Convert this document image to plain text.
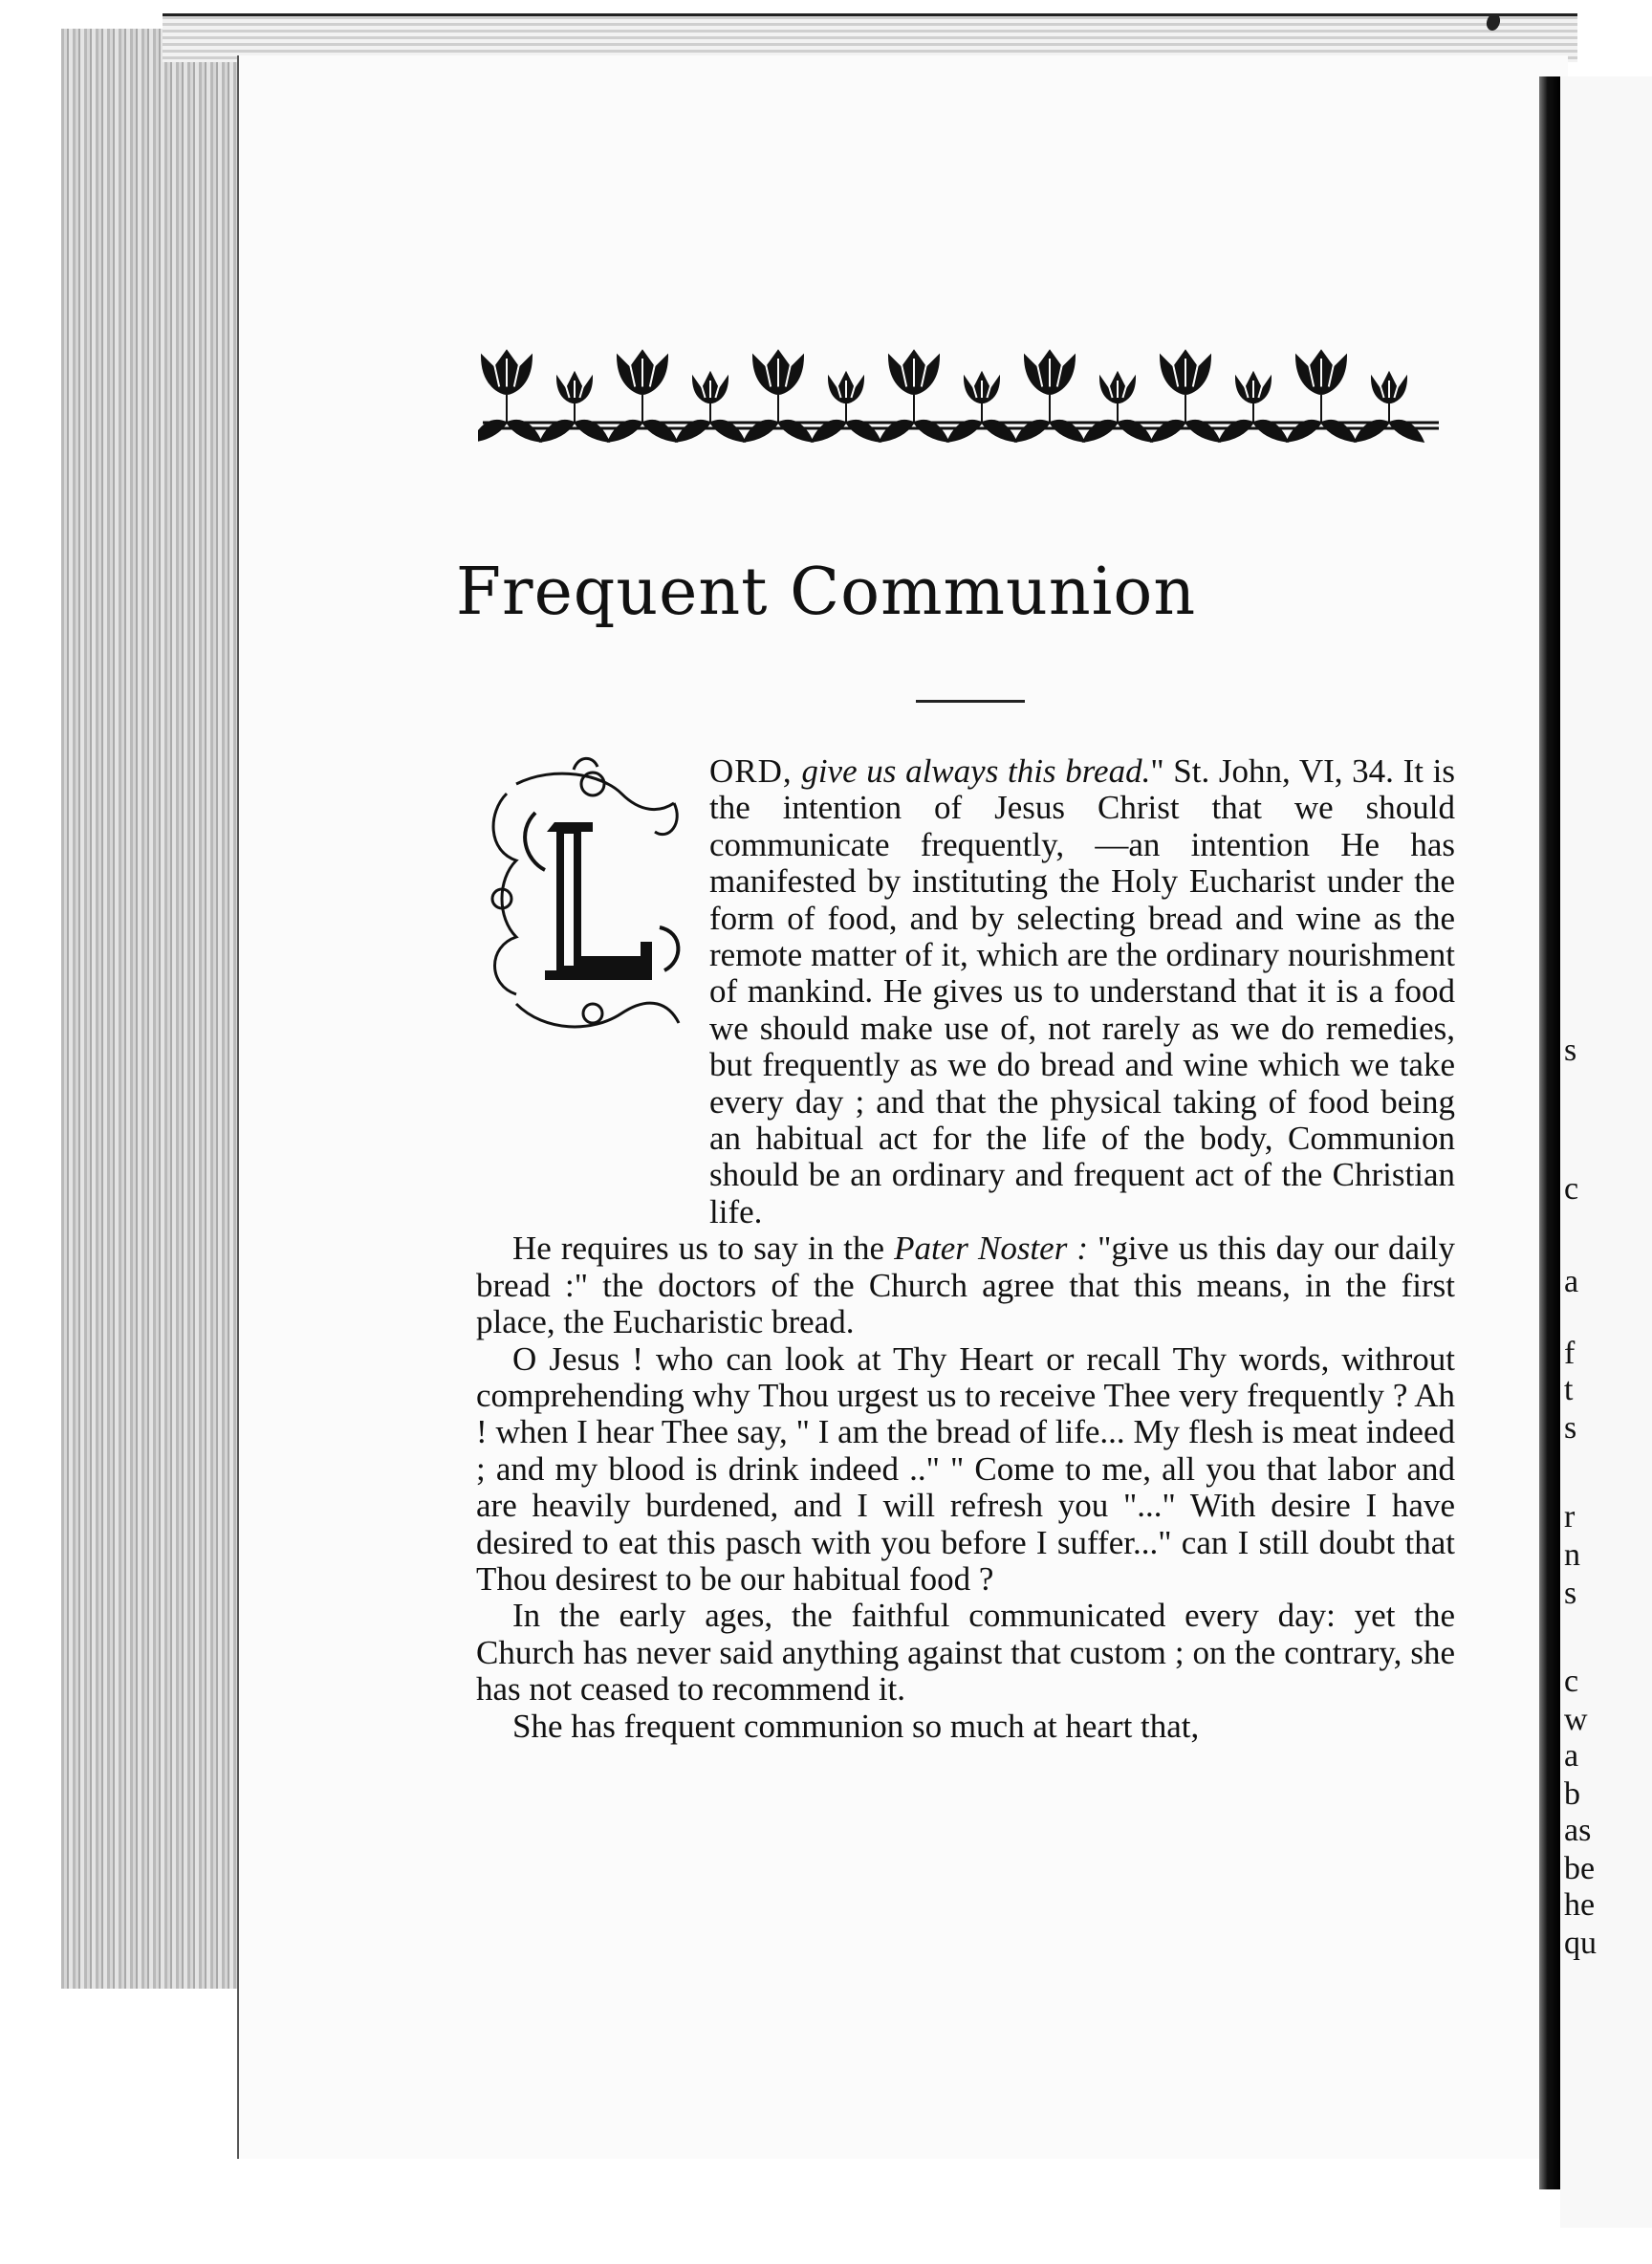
s
c
a
f
t
s
r
n
s
c
w
a
b
as
be
he
qu
Frequent Communion

ORD, give us always this bread." St. John, VI, 34. It is the intention of Jesus Christ that we should communicate frequently, —an intention He has manifested by instituting the Holy Eucharist under the form of food, and by selecting bread and wine as the remote matter of it, which are the ordinary nourishment of mankind. He gives us to understand that it is a food we should make use of, not rarely as we do remedies, but frequently as we do bread and wine which we take every day ; and that the physical taking of food being an habitual act for the life of the body, Communion should be an ordinary and frequent act of the Christian life.

He requires us to say in the Pater Noster : "give us this day our daily bread :" the doctors of the Church agree that this means, in the first place, the Eucharistic bread.

O Jesus ! who can look at Thy Heart or recall Thy words, withrout comprehending why Thou urgest us to receive Thee very frequently ? Ah ! when I hear Thee say, " I am the bread of life... My flesh is meat indeed ; and my blood is drink indeed .." " Come to me, all you that labor and are heavily burdened, and I will refresh you "..." With desire I have desired to eat this pasch with you before I suffer..." can I still doubt that Thou desirest to be our habitual food ?

In the early ages, the faithful communicated every day: yet the Church has never said anything against that custom ; on the contrary, she has not ceased to recommend it.

She has frequent communion so much at heart that,
